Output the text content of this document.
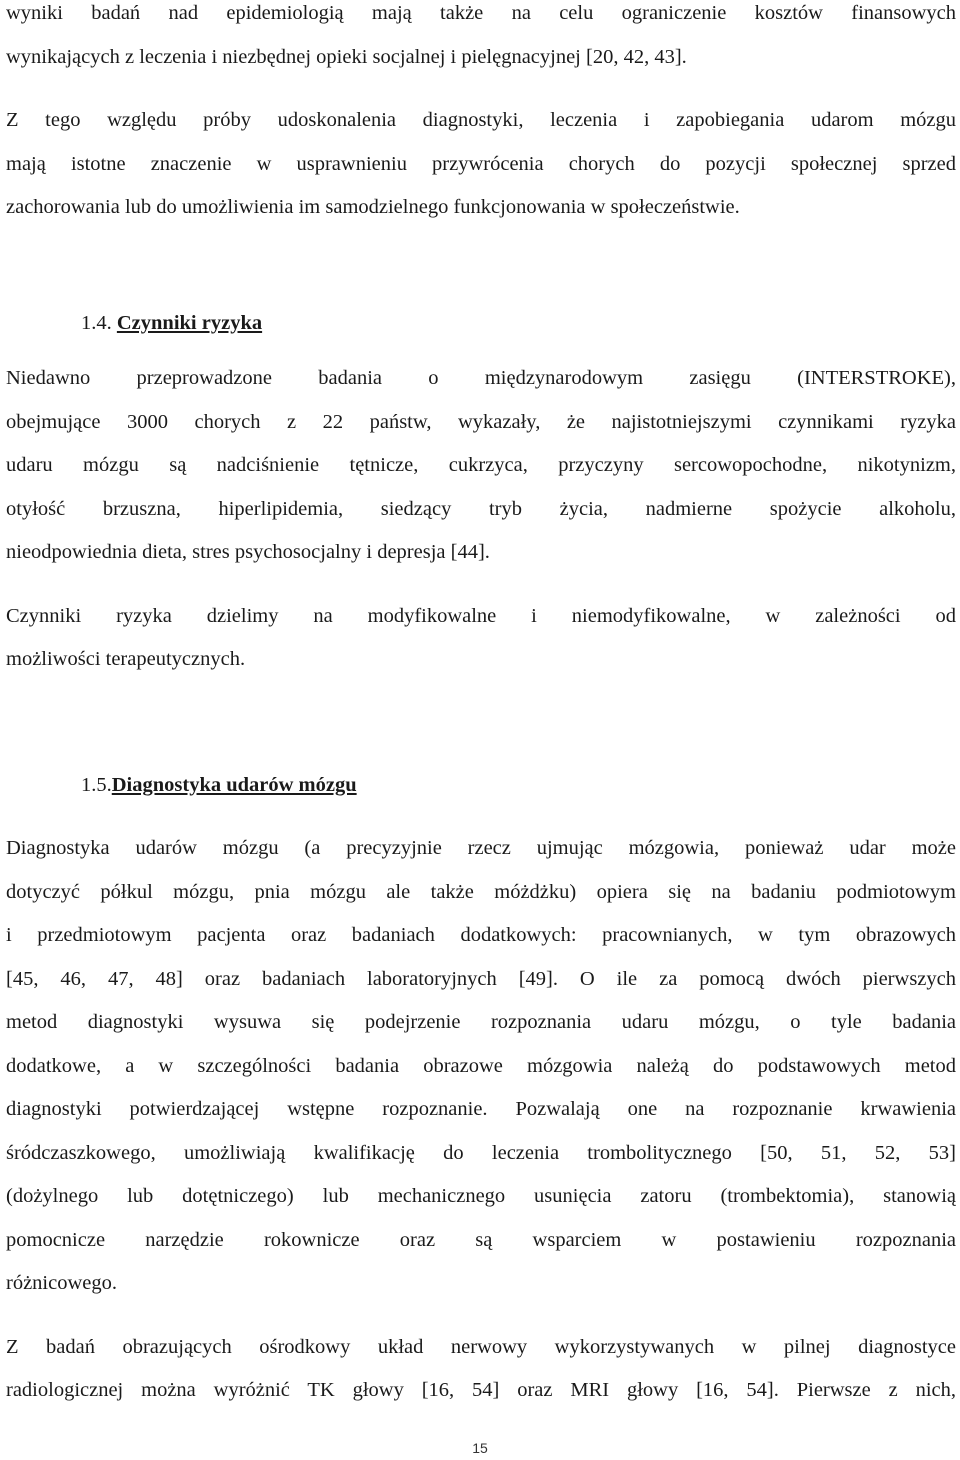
wyniki badań nad epidemiologią mają także na celu ograniczenie kosztów finansowych
wynikających z leczenia i niezbędnej opieki socjalnej i pielęgnacyjnej [20, 42, 43].
Z tego względu próby udoskonalenia diagnostyki, leczenia i zapobiegania udarom mózgu
mają istotne znaczenie w usprawnieniu przywrócenia chorych do pozycji społecznej sprzed
zachorowania lub do umożliwienia im samodzielnego funkcjonowania w społeczeństwie.
1.4. Czynniki ryzyka
Niedawno przeprowadzone badania o międzynarodowym zasięgu (INTERSTROKE),
obejmujące 3000 chorych z 22 państw, wykazały, że najistotniejszymi czynnikami ryzyka
udaru mózgu są nadciśnienie tętnicze, cukrzyca, przyczyny sercowopochodne, nikotynizm,
otyłość brzuszna, hiperlipidemia, siedzący tryb życia, nadmierne spożycie alkoholu,
nieodpowiednia dieta, stres psychosocjalny i depresja [44].
Czynniki ryzyka dzielimy na modyfikowalne i niemodyfikowalne, w zależności od
możliwości terapeutycznych.
1.5.Diagnostyka udarów mózgu
Diagnostyka udarów mózgu (a precyzyjnie rzecz ujmując mózgowia, ponieważ udar może
dotyczyć półkul mózgu, pnia mózgu ale także móżdżku) opiera się na badaniu podmiotowym
i przedmiotowym pacjenta oraz badaniach dodatkowych: pracownianych, w tym obrazowych
[45, 46, 47, 48] oraz badaniach laboratoryjnych [49]. O ile za pomocą dwóch pierwszych
metod diagnostyki wysuwa się podejrzenie rozpoznania udaru mózgu, o tyle badania
dodatkowe, a w szczególności badania obrazowe mózgowia należą do podstawowych metod
diagnostyki potwierdzającej wstępne rozpoznanie. Pozwalają one na rozpoznanie krwawienia
śródczaszkowego, umożliwiają kwalifikację do leczenia trombolitycznego [50, 51, 52, 53]
(dożylnego lub dotętniczego) lub mechanicznego usunięcia zatoru (trombektomia), stanowią
pomocnicze narzędzie rokownicze oraz są wsparciem w postawieniu rozpoznania
różnicowego.
Z badań obrazujących ośrodkowy układ nerwowy wykorzystywanych w pilnej diagnostyce
radiologicznej można wyróżnić TK głowy [16, 54] oraz MRI głowy [16, 54]. Pierwsze z nich,
15
